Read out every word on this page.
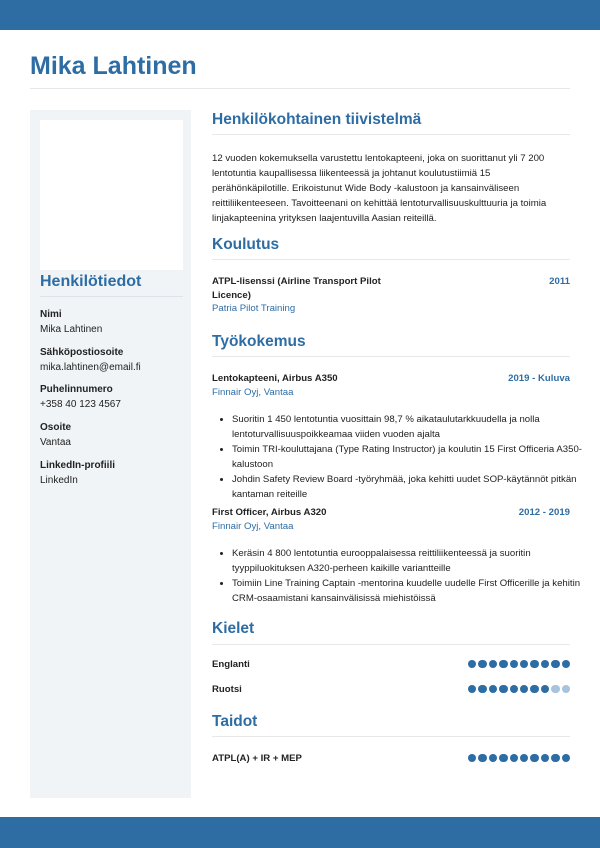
Mika Lahtinen
Henkilötiedot
Nimi
Mika Lahtinen
Sähköpostiosoite
mika.lahtinen@email.fi
Puhelinnumero
+358 40 123 4567
Osoite
Vantaa
LinkedIn-profiili
LinkedIn
Henkilökohtainen tiivistelmä
12 vuoden kokemuksella varustettu lentokapteeni, joka on suorittanut yli 7 200 lentotuntia kaupallisessa liikenteessä ja johtanut koulutustiimiä 15 perähönkäpilotille. Erikoistunut Wide Body -kalustoon ja kansainväliseen reittiliikenteeseen. Tavoitteenani on kehittää lentoturvallisuuskulttuuria ja toimia linjakapteenina yrityksen laajentuvilla Aasian reiteillä.
Koulutus
ATPL-lisenssi (Airline Transport Pilot Licence)
2011
Patria Pilot Training
Työkokemus
Lentokapteeni, Airbus A350	2019 - Kuluva
Finnair Oyj, Vantaa
• Suoritin 1 450 lentotuntia vuosittain 98,7 % aikataulutarkkuudella ja nolla lentoturvallisuuspoikkeamaa viiden vuoden ajalta
• Toimin TRI-kouluttajana (Type Rating Instructor) ja koulutin 15 First Officeria A350-kalustoon
• Johdin Safety Review Board -työryhmää, joka kehitti uudet SOP-käytännöt pitkän kantaman reiteille
First Officer, Airbus A320	2012 - 2019
Finnair Oyj, Vantaa
• Keräsin 4 800 lentotuntia eurooppalaisessa reittiliikenteessä ja suoritin tyyppiluokituksen A320-perheen kaikille variantteille
• Toimiin Line Training Captain -mentorina kuudelle uudelle First Officerille ja kehitin CRM-osaamistani kansainvälisissä miehistöissä
Kielet
Englanti
Ruotsi
Taidot
ATPL(A) + IR + MEP
